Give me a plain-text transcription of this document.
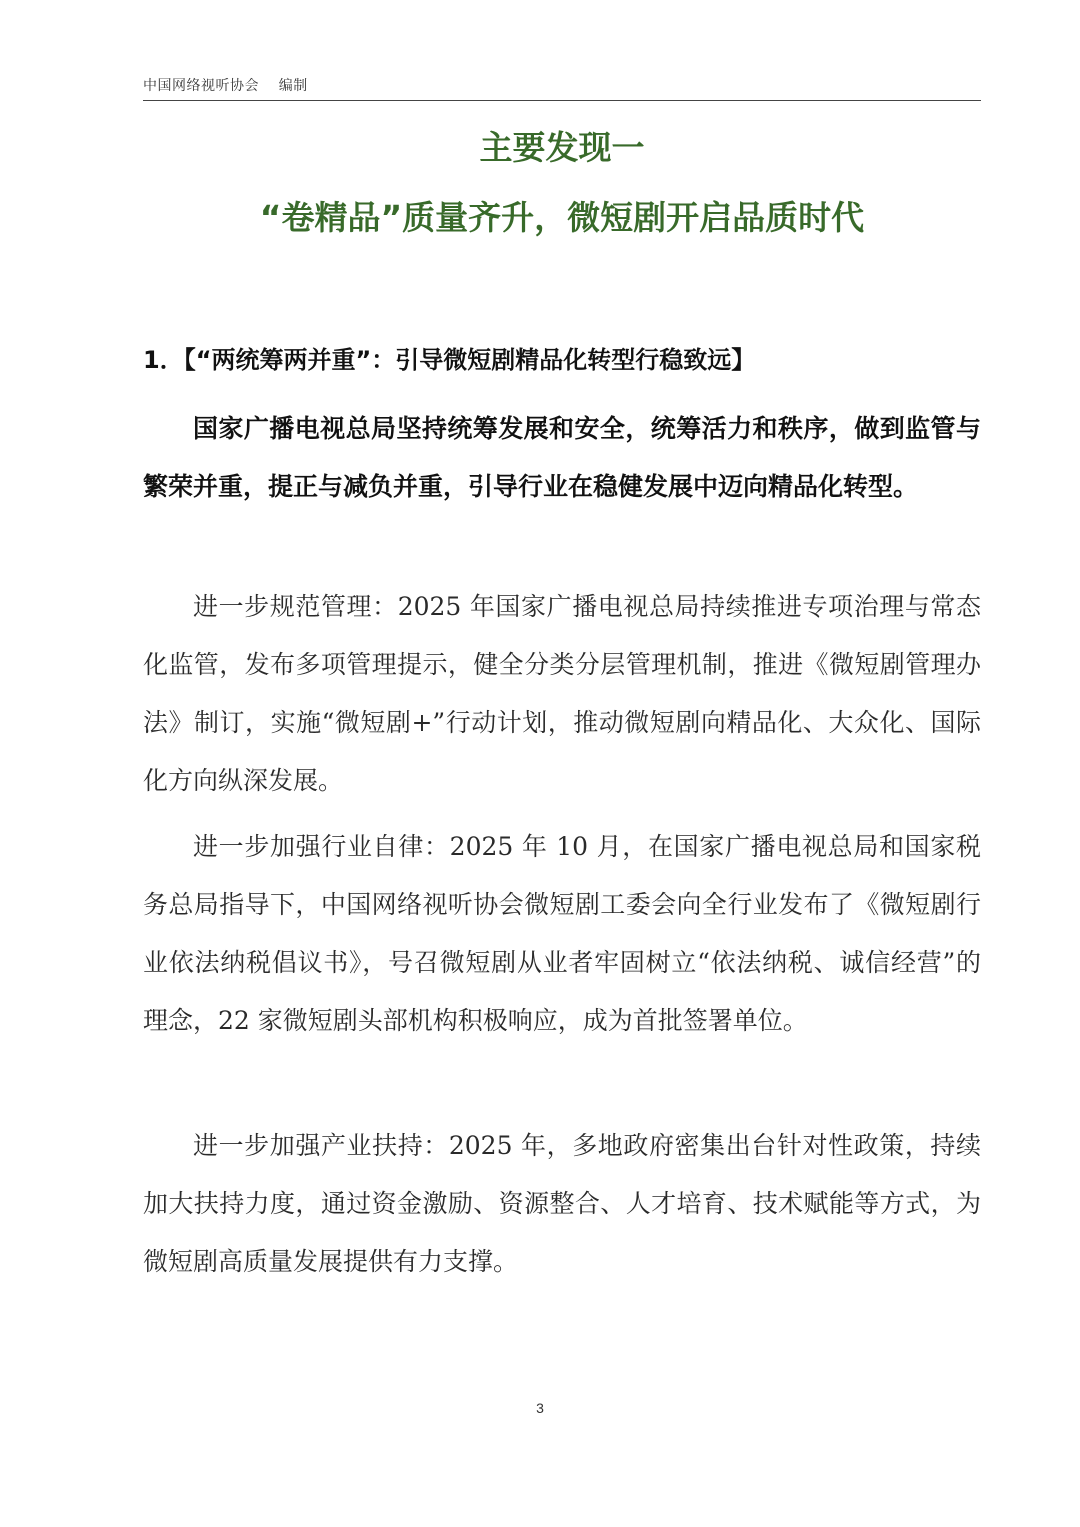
中国网络视听协会    编制
主要发现一
“卷精品”质量齐升，微短剧开启品质时代
1．【“两统筹两并重”：引导微短剧精品化转型行稳致远】

国家广播电视总局坚持统筹发展和安全，统筹活力和秩序，做到监管与繁荣并重，提正与减负并重，引导行业在稳健发展中迈向精品化转型。

进一步规范管理：2025 年国家广播电视总局持续推进专项治理与常态化监管，发布多项管理提示，健全分类分层管理机制，推进《微短剧管理办法》制订，实施“微短剧+”行动计划，推动微短剧向精品化、大众化、国际化方向纵深发展。

进一步加强行业自律：2025 年 10 月，在国家广播电视总局和国家税务总局指导下，中国网络视听协会微短剧工委会向全行业发布了《微短剧行业依法纳税倡议书》，号召微短剧从业者牢固树立“依法纳税、诚信经营”的理念，22 家微短剧头部机构积极响应，成为首批签署单位。

进一步加强产业扶持：2025 年，多地政府密集出台针对性政策，持续加大扶持力度，通过资金激励、资源整合、人才培育、技术赋能等方式，为微短剧高质量发展提供有力支撑。

3
